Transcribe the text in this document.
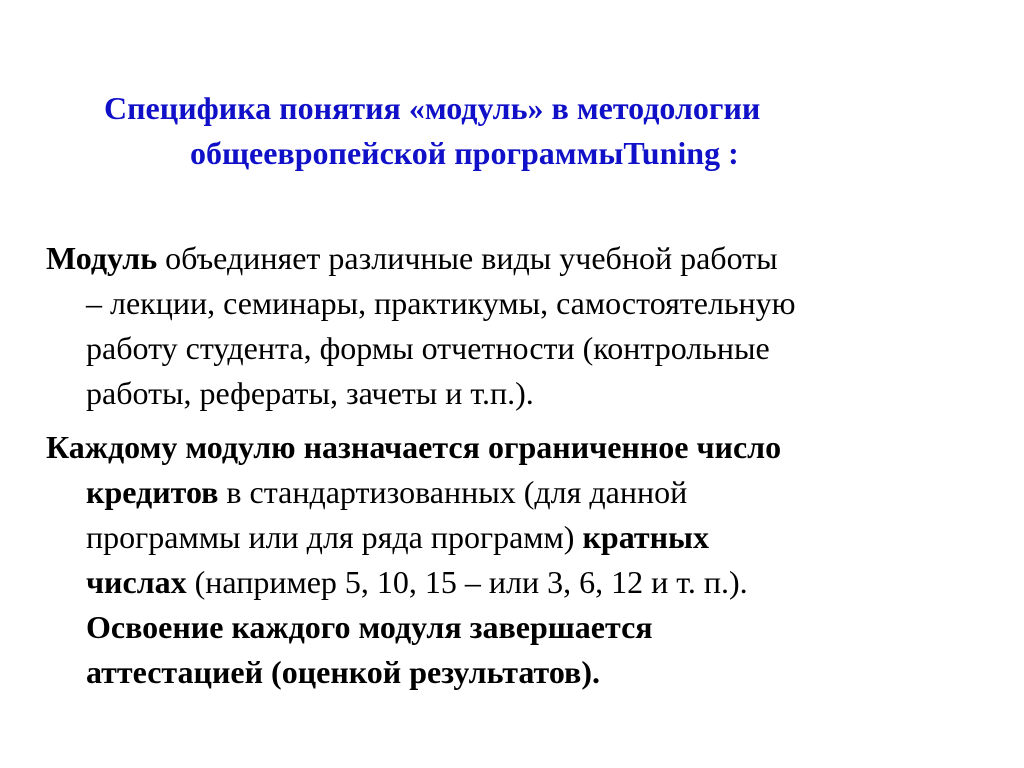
Специфика понятия «модуль» в методологии
общеевропейской программыTuning :

Модуль объединяет различные виды учебной работы
– лекции, семинары, практикумы, самостоятельную
работу студента, формы отчетности (контрольные
работы, рефераты, зачеты и т.п.).

Каждому модулю назначается ограниченное число
кредитов в стандартизованных (для данной
программы или для ряда программ) кратных
числах (например 5, 10, 15 – или 3, 6, 12 и т. п.).
Освоение каждого модуля завершается
аттестацией (оценкой результатов).
